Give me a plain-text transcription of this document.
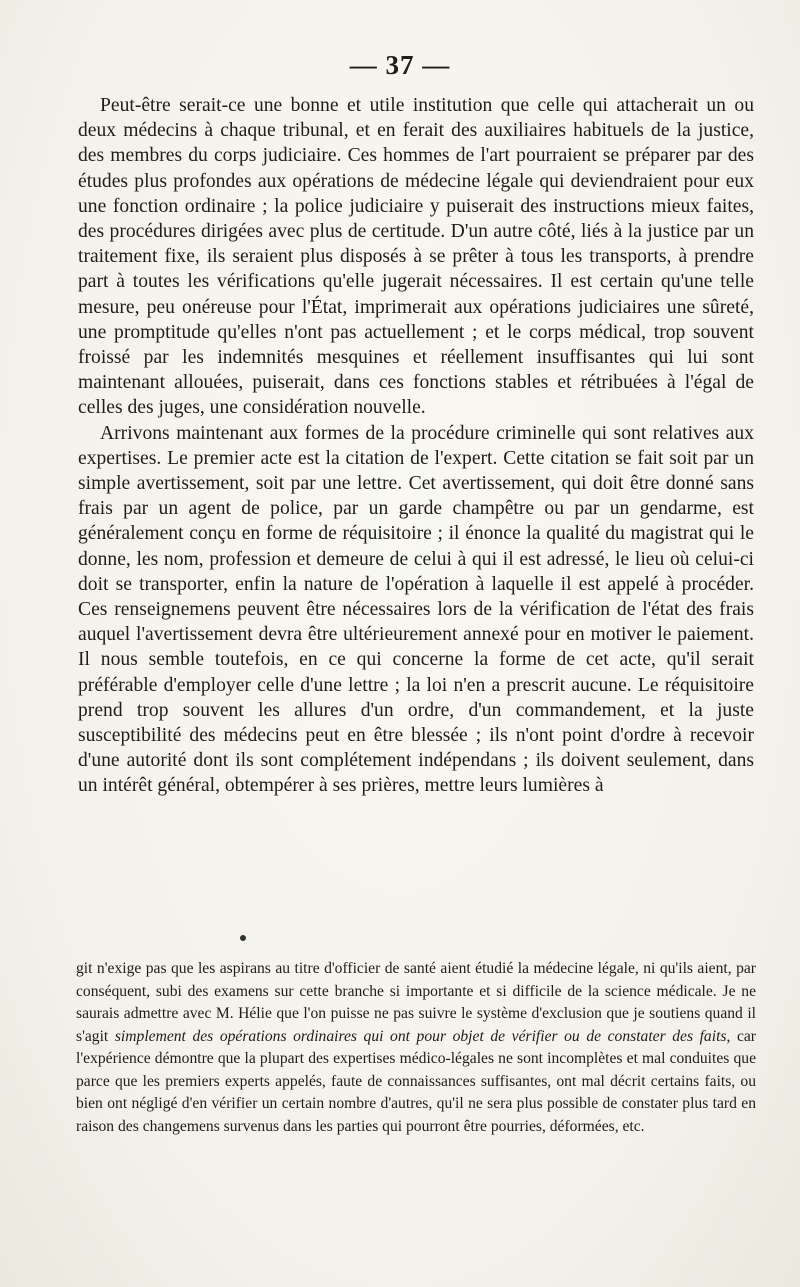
— 37 —

Peut-être serait-ce une bonne et utile institution que celle qui attacherait un ou deux médecins à chaque tribunal, et en ferait des auxiliaires habituels de la justice, des membres du corps judiciaire. Ces hommes de l'art pourraient se préparer par des études plus profondes aux opérations de médecine légale qui deviendraient pour eux une fonction ordinaire ; la police judiciaire y puiserait des instructions mieux faites, des procédures dirigées avec plus de certitude. D'un autre côté, liés à la justice par un traitement fixe, ils seraient plus disposés à se prêter à tous les transports, à prendre part à toutes les vérifications qu'elle jugerait nécessaires. Il est certain qu'une telle mesure, peu onéreuse pour l'État, imprimerait aux opérations judiciaires une sûreté, une promptitude qu'elles n'ont pas actuellement ; et le corps médical, trop souvent froissé par les indemnités mesquines et réellement insuffisantes qui lui sont maintenant allouées, puiserait, dans ces fonctions stables et rétribuées à l'égal de celles des juges, une considération nouvelle.

Arrivons maintenant aux formes de la procédure criminelle qui sont relatives aux expertises. Le premier acte est la citation de l'expert. Cette citation se fait soit par un simple avertissement, soit par une lettre. Cet avertissement, qui doit être donné sans frais par un agent de police, par un garde champêtre ou par un gendarme, est généralement conçu en forme de réquisitoire ; il énonce la qualité du magistrat qui le donne, les nom, profession et demeure de celui à qui il est adressé, le lieu où celui-ci doit se transporter, enfin la nature de l'opération à laquelle il est appelé à procéder. Ces renseignemens peuvent être nécessaires lors de la vérification de l'état des frais auquel l'avertissement devra être ultérieurement annexé pour en motiver le paiement. Il nous semble toutefois, en ce qui concerne la forme de cet acte, qu'il serait préférable d'employer celle d'une lettre ; la loi n'en a prescrit aucune. Le réquisitoire prend trop souvent les allures d'un ordre, d'un commandement, et la juste susceptibilité des médecins peut en être blessée ; ils n'ont point d'ordre à recevoir d'une autorité dont ils sont complétement indépendans ; ils doivent seulement, dans un intérêt général, obtempérer à ses prières, mettre leurs lumières à

git n'exige pas que les aspirans au titre d'officier de santé aient étudié la médecine légale, ni qu'ils aient, par conséquent, subi des examens sur cette branche si importante et si difficile de la science médicale. Je ne saurais admettre avec M. Hélie que l'on puisse ne pas suivre le système d'exclusion que je soutiens quand il s'agit simplement des opérations ordinaires qui ont pour objet de vérifier ou de constater des faits, car l'expérience démontre que la plupart des expertises médico-légales ne sont incomplètes et mal conduites que parce que les premiers experts appelés, faute de connaissances suffisantes, ont mal décrit certains faits, ou bien ont négligé d'en vérifier un certain nombre d'autres, qu'il ne sera plus possible de constater plus tard en raison des changemens survenus dans les parties qui pourront être pourries, déformées, etc.
